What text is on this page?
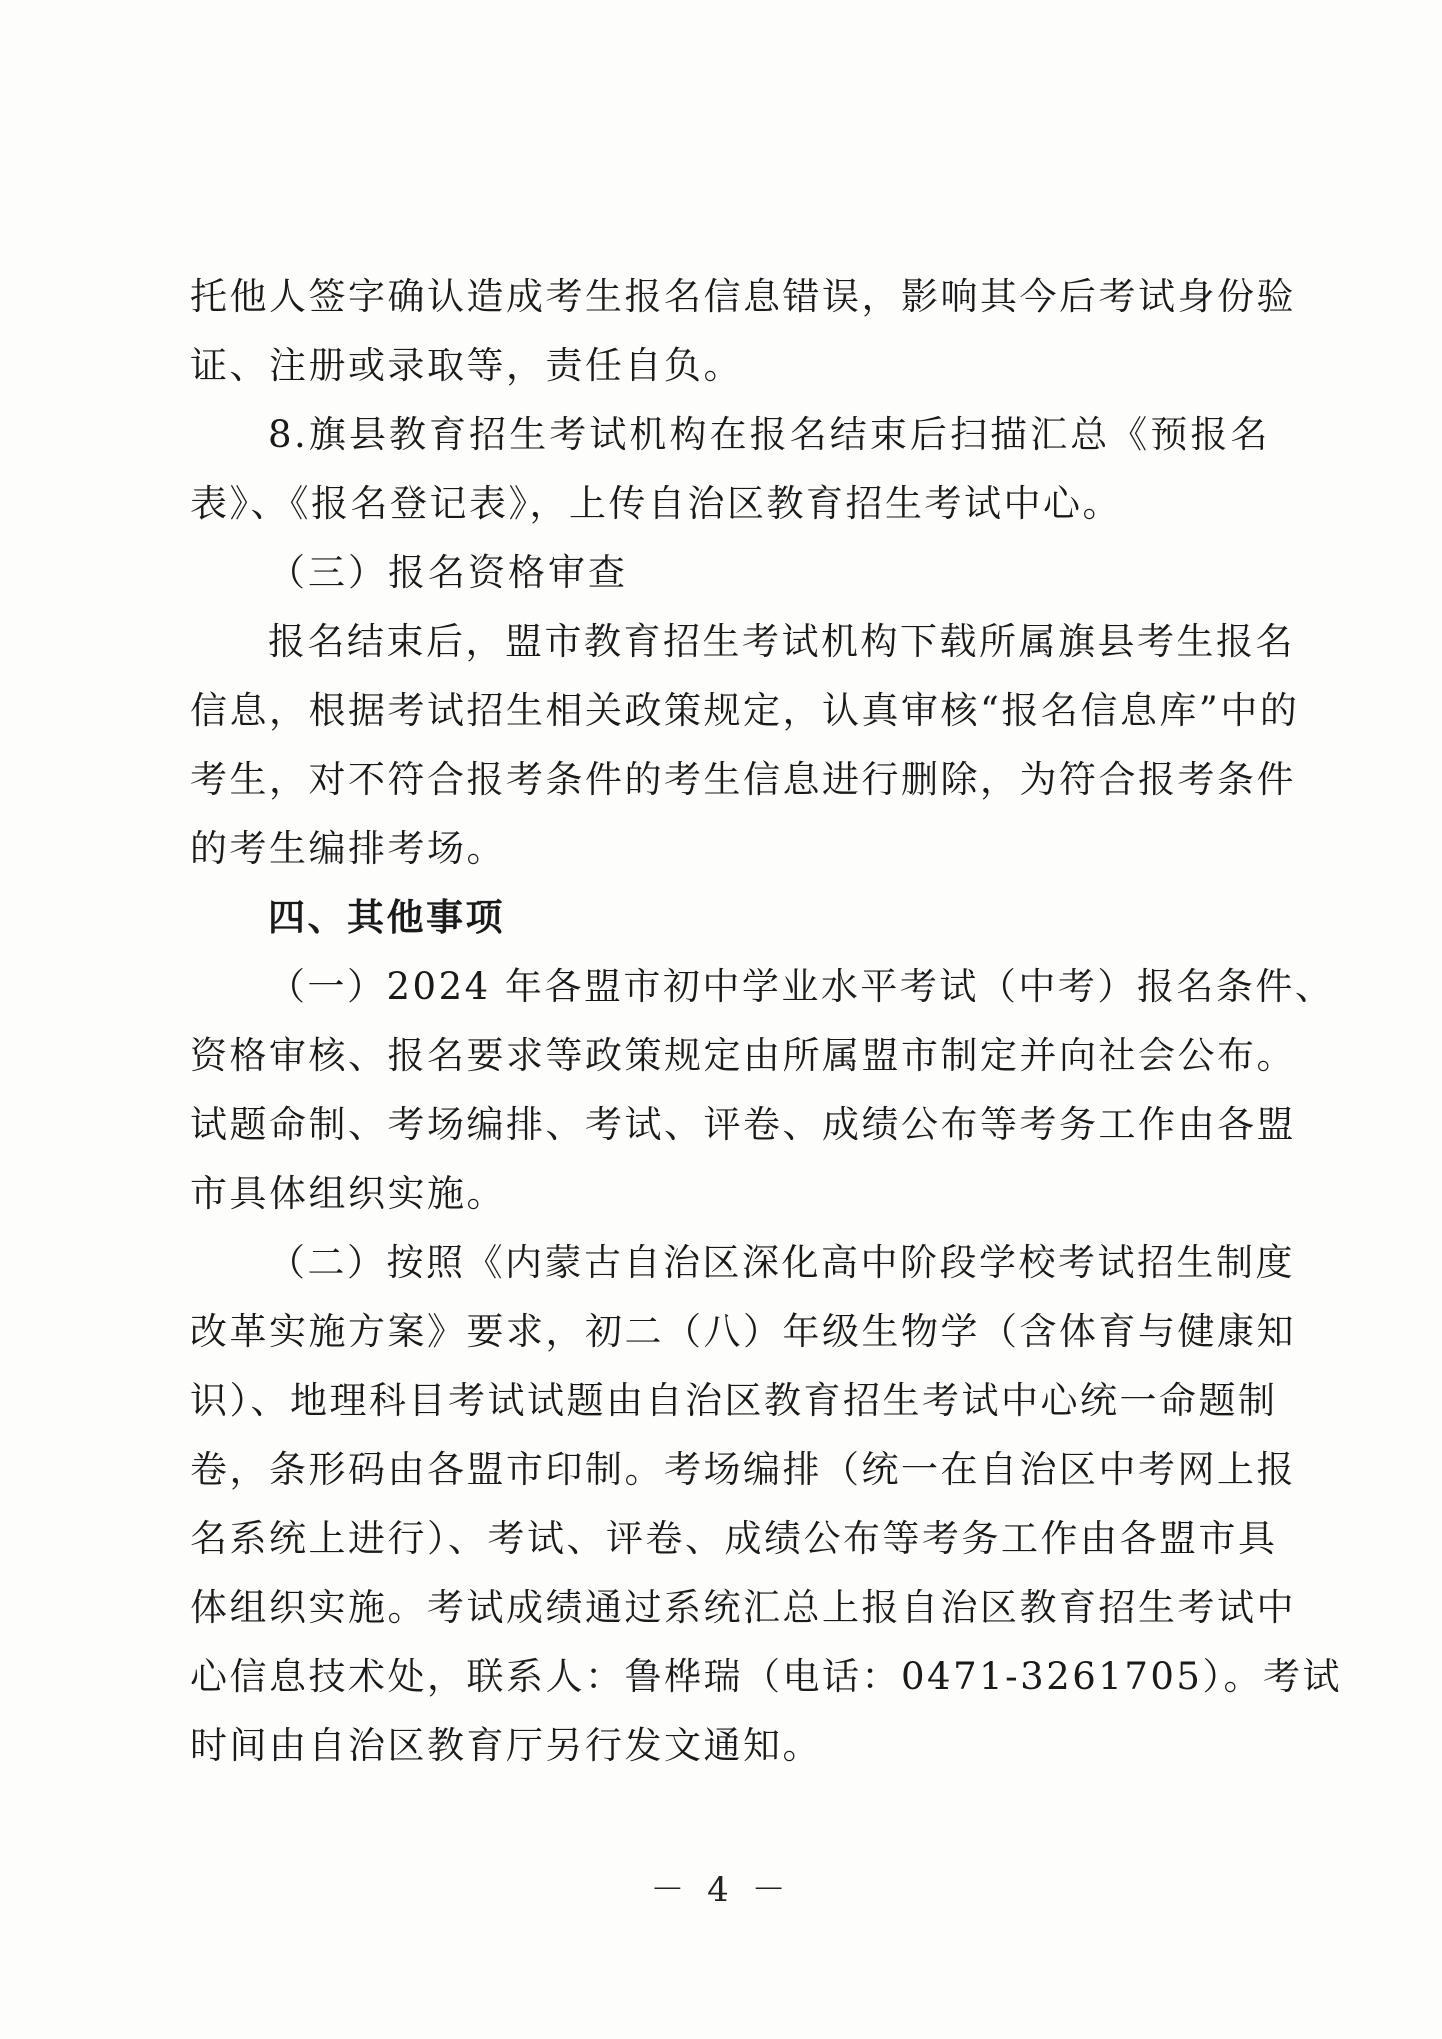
托他人签字确认造成考生报名信息错误，影响其今后考试身份验
证、注册或录取等，责任自负。
8.旗县教育招生考试机构在报名结束后扫描汇总《预报名
表》、《报名登记表》，上传自治区教育招生考试中心。
（三）报名资格审查
报名结束后，盟市教育招生考试机构下载所属旗县考生报名
信息，根据考试招生相关政策规定，认真审核“报名信息库”中的
考生，对不符合报考条件的考生信息进行删除，为符合报考条件
的考生编排考场。
四、其他事项
（一）2024 年各盟市初中学业水平考试（中考）报名条件、
资格审核、报名要求等政策规定由所属盟市制定并向社会公布。
试题命制、考场编排、考试、评卷、成绩公布等考务工作由各盟
市具体组织实施。
（二）按照《内蒙古自治区深化高中阶段学校考试招生制度
改革实施方案》要求，初二（八）年级生物学（含体育与健康知
识）、地理科目考试试题由自治区教育招生考试中心统一命题制
卷，条形码由各盟市印制。考场编排（统一在自治区中考网上报
名系统上进行）、考试、评卷、成绩公布等考务工作由各盟市具
体组织实施。考试成绩通过系统汇总上报自治区教育招生考试中
心信息技术处，联系人：鲁桦瑞（电话：0471-3261705）。考试
时间由自治区教育厅另行发文通知。
－ 4 －
